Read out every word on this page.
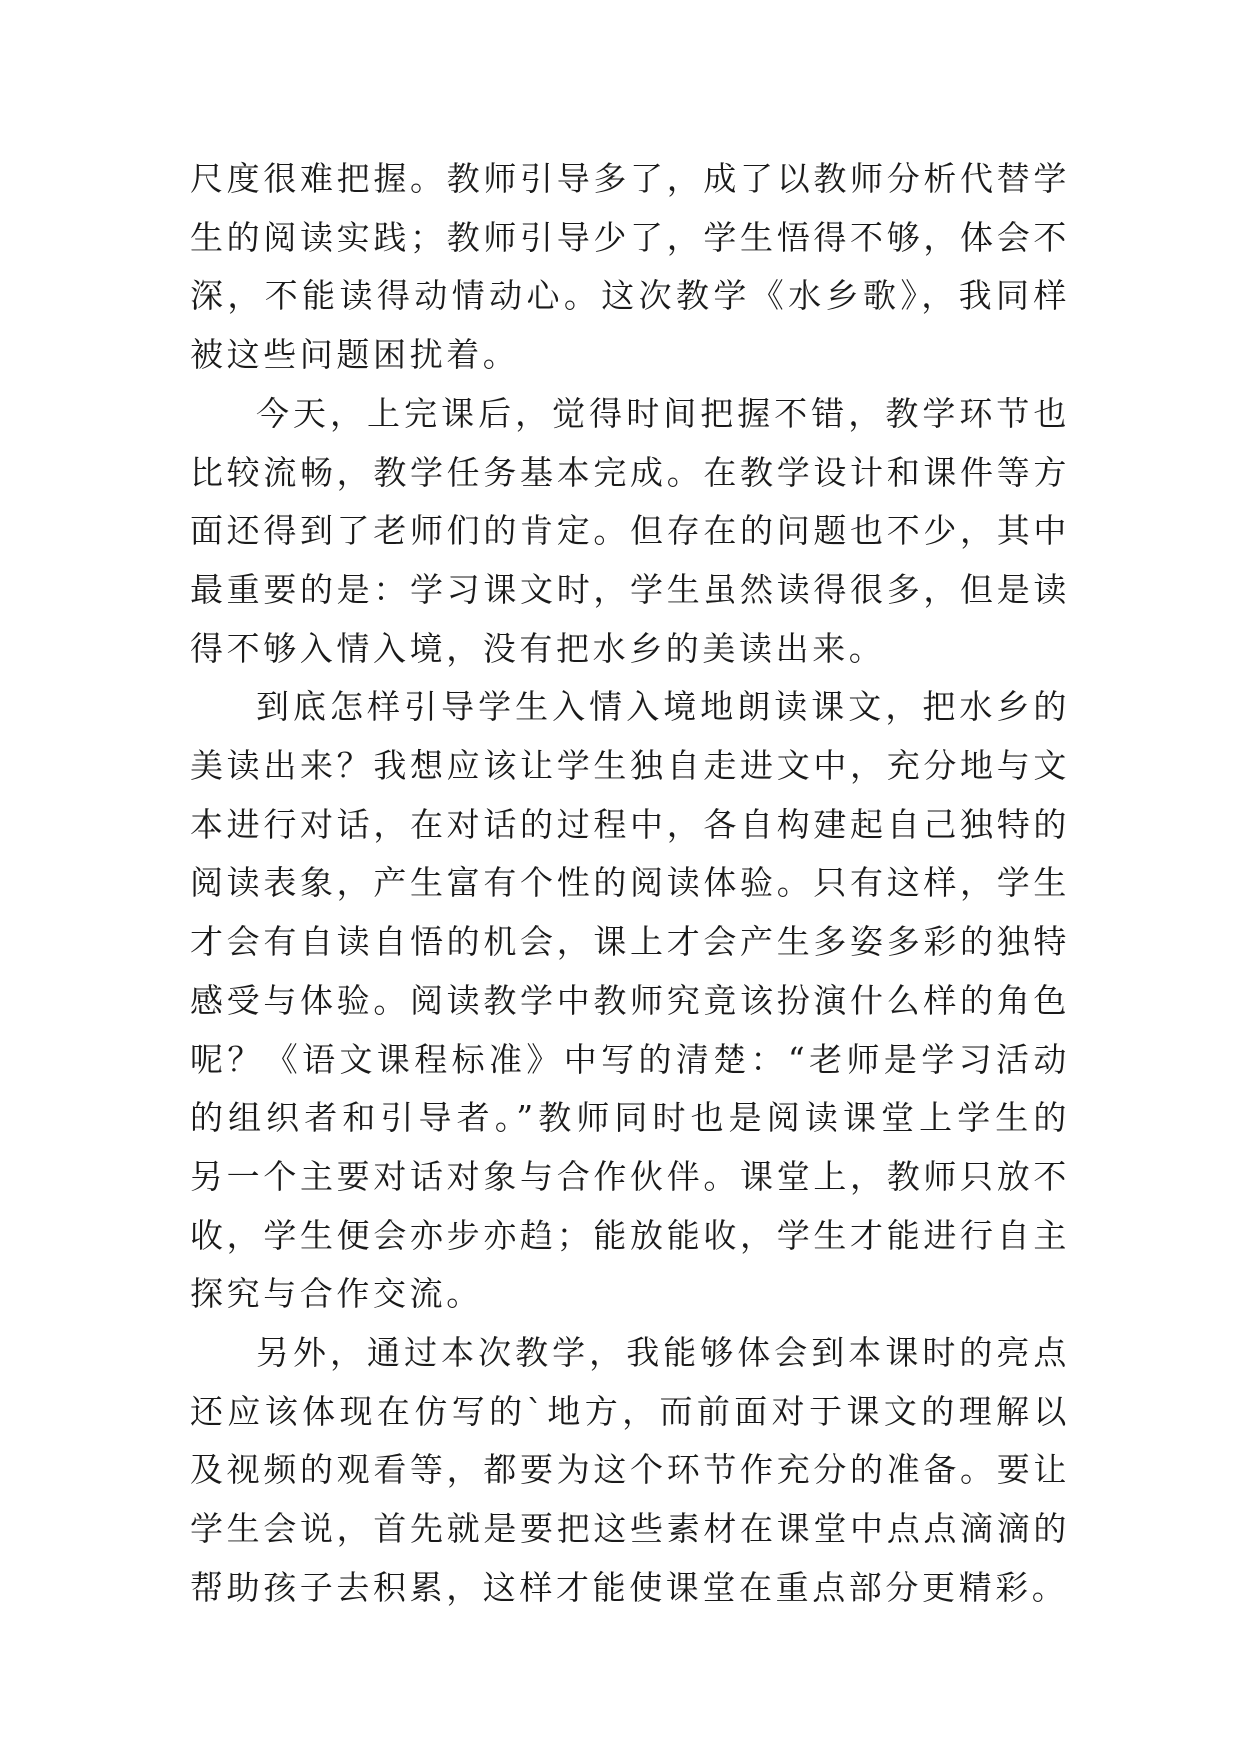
尺度很难把握。教师引导多了，成了以教师分析代替学生的阅读实践；教师引导少了，学生悟得不够，体会不深，不能读得动情动心。这次教学《水乡歌》，我同样被这些问题困扰着。

今天，上完课后，觉得时间把握不错，教学环节也比较流畅，教学任务基本完成。在教学设计和课件等方面还得到了老师们的肯定。但存在的问题也不少，其中最重要的是：学习课文时，学生虽然读得很多，但是读得不够入情入境，没有把水乡的美读出来。

到底怎样引导学生入情入境地朗读课文，把水乡的美读出来？我想应该让学生独自走进文中，充分地与文本进行对话，在对话的过程中，各自构建起自己独特的阅读表象，产生富有个性的阅读体验。只有这样，学生才会有自读自悟的机会，课上才会产生多姿多彩的独特感受与体验。阅读教学中教师究竟该扮演什么样的角色呢？《语文课程标准》中写的清楚：“老师是学习活动的组织者和引导者。”教师同时也是阅读课堂上学生的另一个主要对话对象与合作伙伴。课堂上，教师只放不收，学生便会亦步亦趋；能放能收，学生才能进行自主探究与合作交流。

另外，通过本次教学，我能够体会到本课时的亮点还应该体现在仿写的`地方，而前面对于课文的理解以及视频的观看等，都要为这个环节作充分的准备。要让学生会说，首先就是要把这些素材在课堂中点点滴滴的帮助孩子去积累，这样才能使课堂在重点部分更精彩。
